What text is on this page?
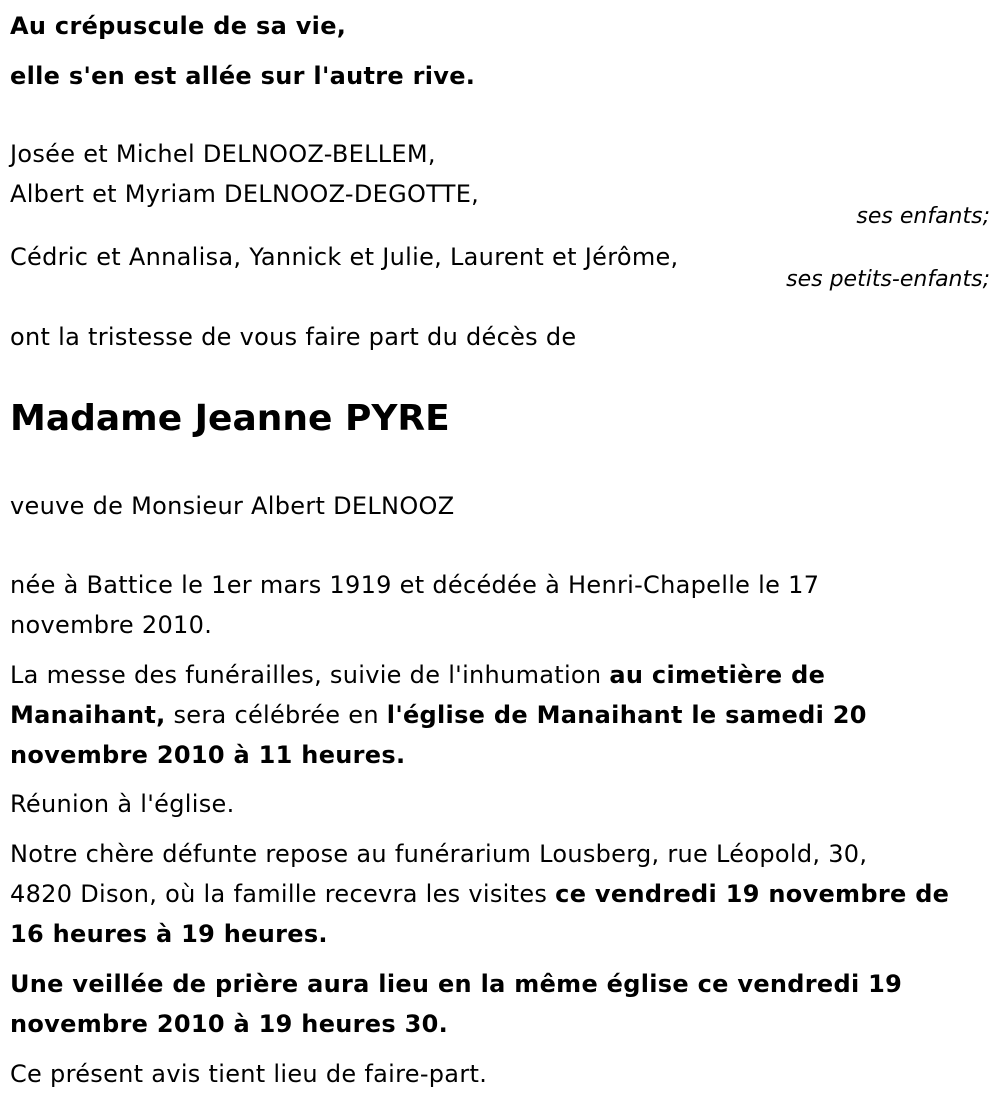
Au crépuscule de sa vie,
elle s'en est allée sur l'autre rive.
Josée et Michel DELNOOZ-BELLEM,
Albert et Myriam DELNOOZ-DEGOTTE,
ses enfants;
Cédric et Annalisa, Yannick et Julie, Laurent et Jérôme,
ses petits-enfants;
ont la tristesse de vous faire part du décès de
Madame Jeanne PYRE
veuve de Monsieur Albert DELNOOZ
née à Battice le 1er mars 1919 et décédée à Henri-Chapelle le 17
novembre 2010.
La messe des funérailles, suivie de l'inhumation au cimetière de
Manaihant, sera célébrée en l'église de Manaihant le samedi 20
novembre 2010 à 11 heures.
Réunion à l'église.
Notre chère défunte repose au funérarium Lousberg, rue Léopold, 30,
4820 Dison, où la famille recevra les visites ce vendredi 19 novembre de
16 heures à 19 heures.
Une veillée de prière aura lieu en la même église ce vendredi 19
novembre 2010 à 19 heures 30.
Ce présent avis tient lieu de faire-part.
